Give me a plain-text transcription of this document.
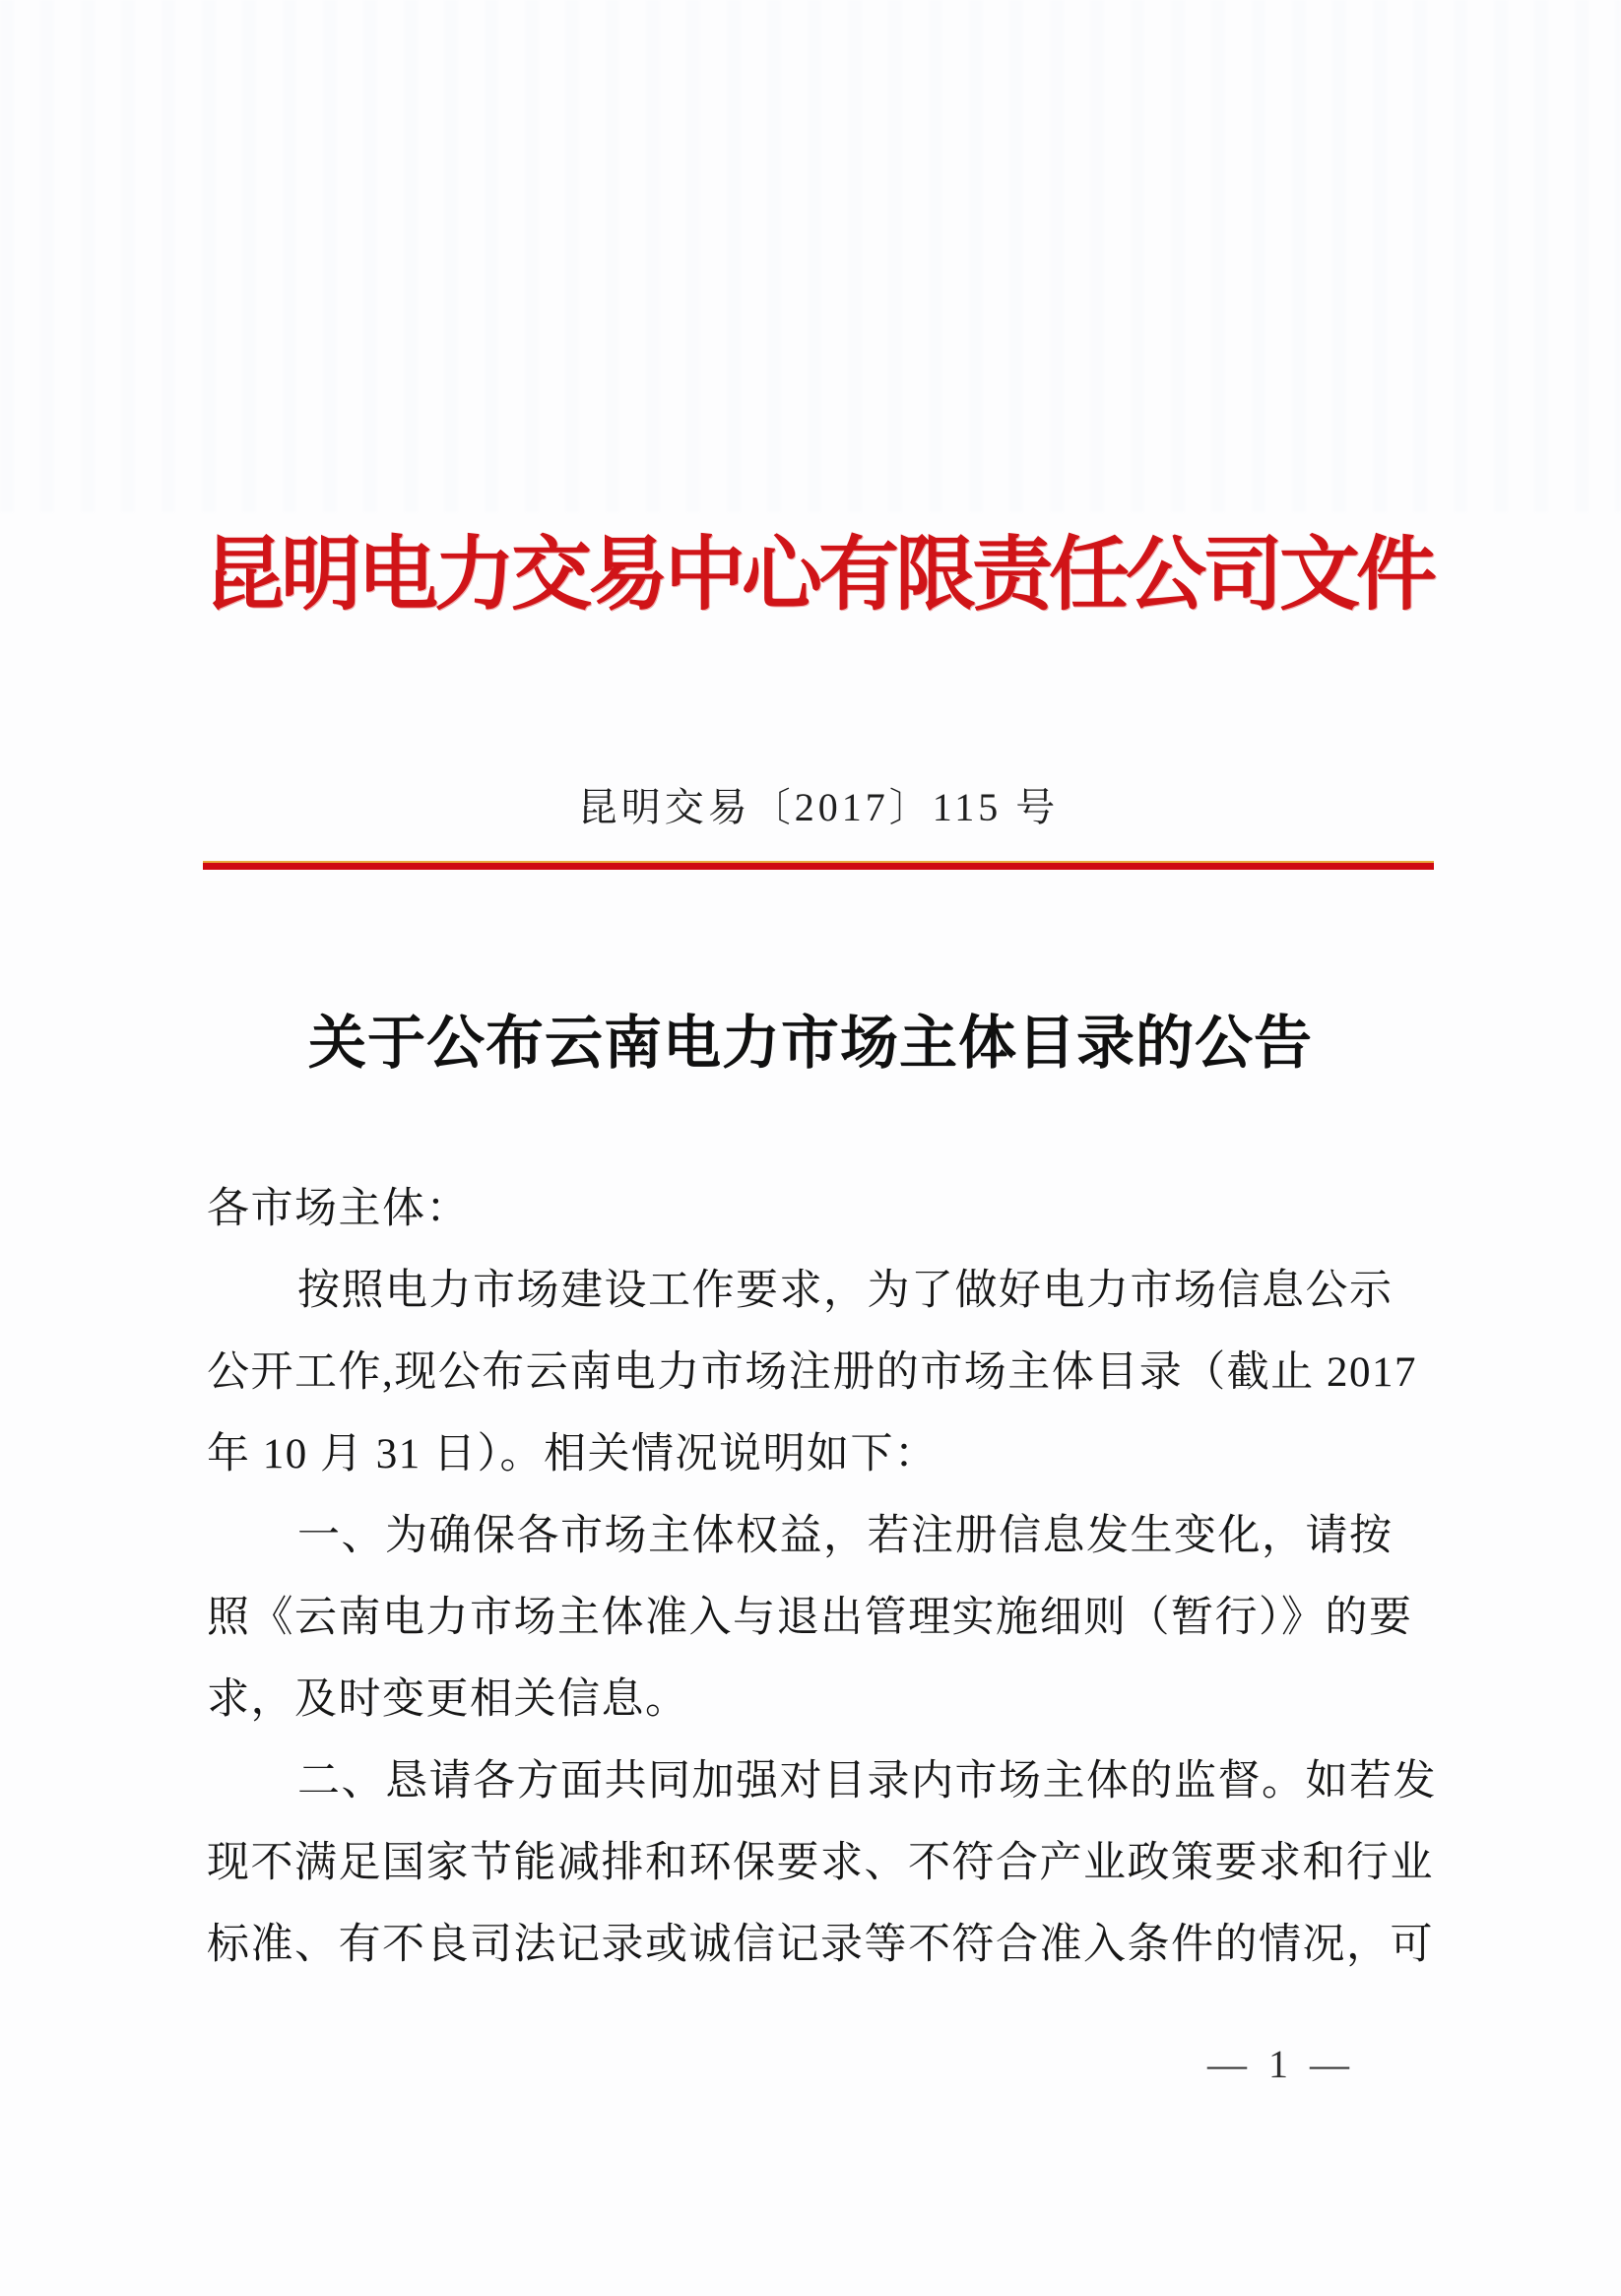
昆明电力交易中心有限责任公司文件
昆明交易〔2017〕115 号
关于公布云南电力市场主体目录的公告
各市场主体：
按照电力市场建设工作要求，为了做好电力市场信息公示
公开工作,现公布云南电力市场注册的市场主体目录（截止 2017
年 10 月 31 日）。相关情况说明如下：
一、为确保各市场主体权益，若注册信息发生变化，请按
照《云南电力市场主体准入与退出管理实施细则（暂行）》的要
求，及时变更相关信息。
二、恳请各方面共同加强对目录内市场主体的监督。如若发
现不满足国家节能减排和环保要求、不符合产业政策要求和行业
标准、有不良司法记录或诚信记录等不符合准入条件的情况，可
— 1 —
